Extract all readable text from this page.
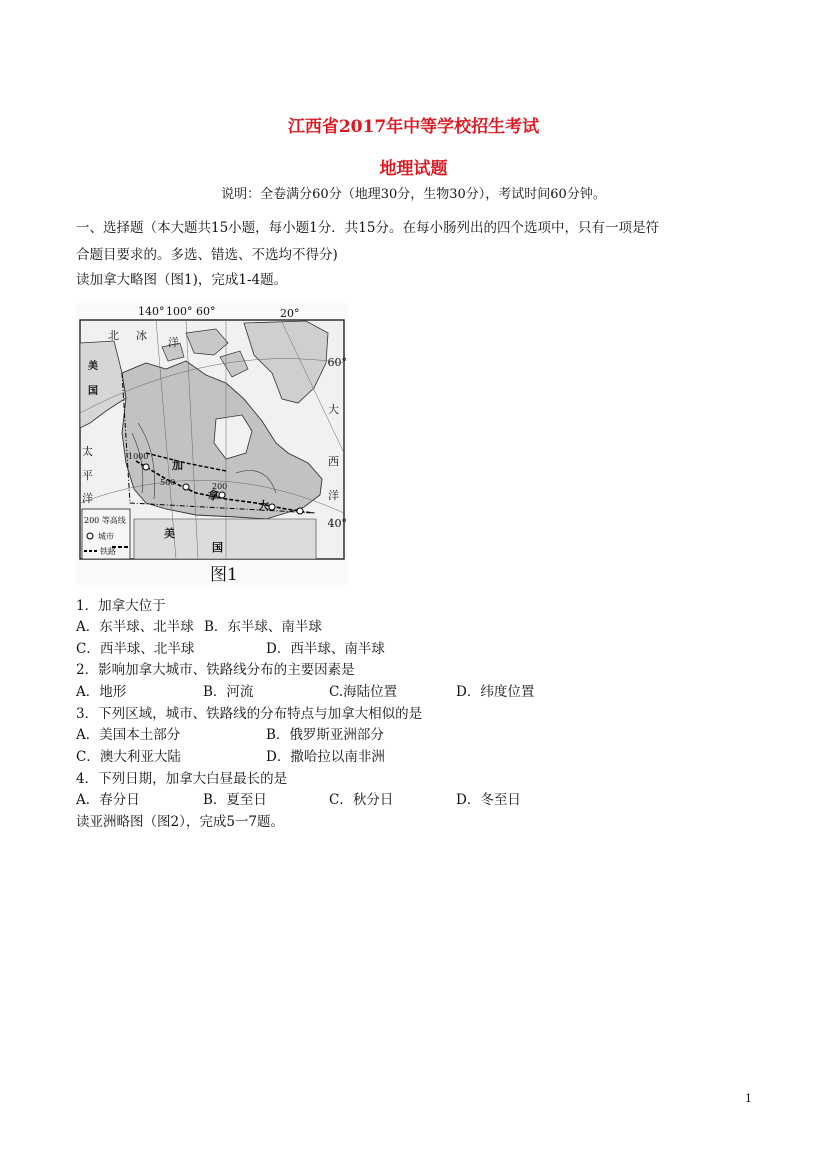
江西省2017年中等学校招生考试
地理试题
说明：全卷满分60分（地理30分，生物30分），考试时间60分钟。
一、选择题（本大题共15小题，每小题1分．共15分。在每小肠列出的四个选项中，只有一项是符
合题目要求的。多选、错选、不选均不得分)
读加拿大略图（图1)，完成1-4题。
140° 100° 60°	20°
60°
40°
北 冰
洋
太
平
洋
大
西
洋
美
国
加
拿
大
美
国
1000
500	200
200 等高线
城市
铁路
图1
1．加拿大位于
A．东半球、北半球 B．东半球、南半球
C．西半球、北半球	D．西半球、南半球
2．影响加拿大城市、铁路线分布的主要因素是
A．地形	B．河流	C.海陆位置	D．纬度位置
3．下列区域，城市、铁路线的分布特点与加拿大相似的是
A．美国本土部分	B．俄罗斯亚洲部分
C．澳大利亚大陆	D．撒哈拉以南非洲
4．下列日期，加拿大白昼最长的是
A．春分日	B．夏至日	C．秋分日	D．冬至日
读亚洲略图（图2），完成5一7题。
1
